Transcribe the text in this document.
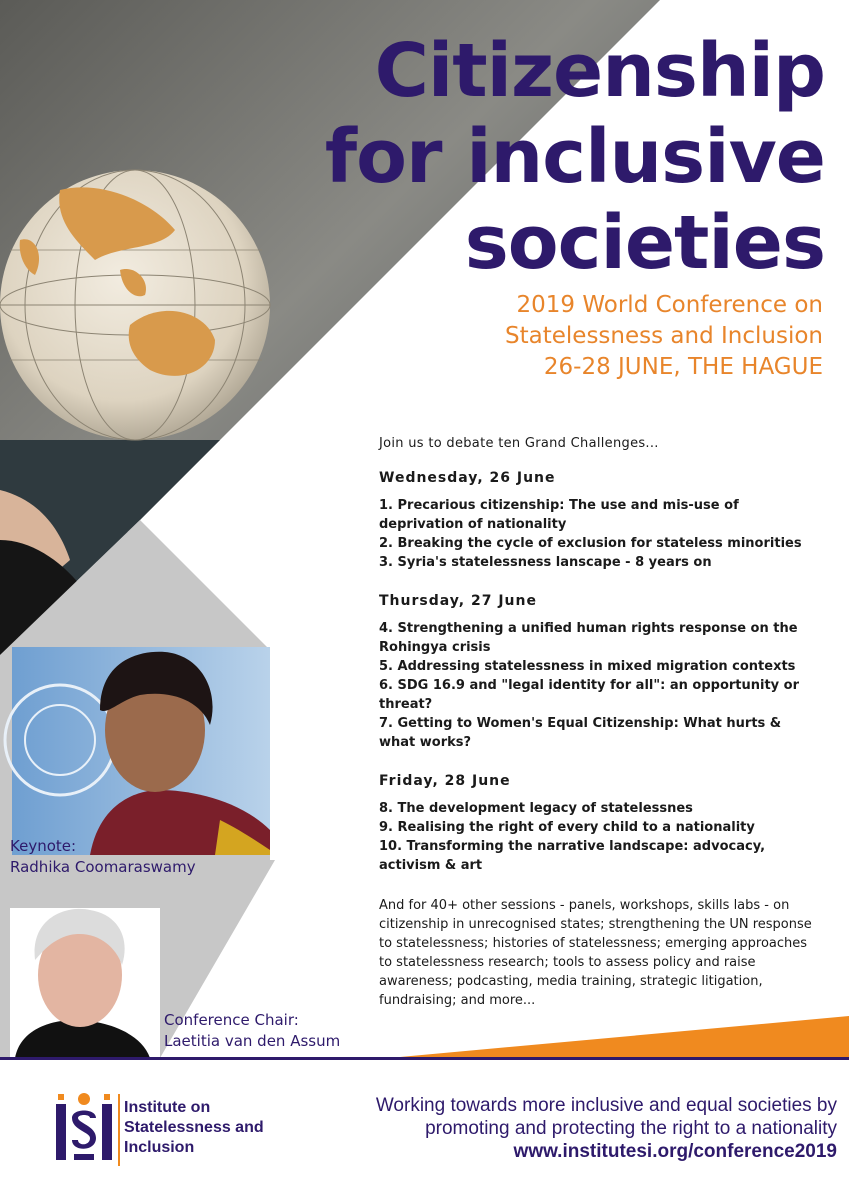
Citizenship
for inclusive
societies
2019 World Conference on
Statelessness and Inclusion
26-28 JUNE, THE HAGUE
Join us to debate ten Grand Challenges...
Wednesday, 26 June
1. Precarious citizenship: The use and mis-use of deprivation of nationality
2. Breaking the cycle of exclusion for stateless minorities
3. Syria's statelessness lanscape - 8 years on
Thursday, 27 June
4. Strengthening a unified human rights response on the Rohingya crisis
5. Addressing statelessness in mixed migration contexts
6. SDG 16.9 and "legal identity for all": an opportunity or threat?
7. Getting to Women's Equal Citizenship: What hurts & what works?
Friday, 28 June
8. The development legacy of statelessnes
9. Realising the right of every child to a nationality
10. Transforming the narrative landscape: advocacy, activism & art
And for 40+ other sessions - panels, workshops, skills labs - on citizenship in unrecognised states; strengthening the UN response to statelessness; histories of statelessness; emerging approaches to statelessness research; tools to assess policy and raise awareness; podcasting, media training, strategic litigation, fundraising; and more...
Keynote:
Radhika Coomaraswamy
Conference Chair:
Laetitia van den Assum
Institute on
Statelessness and
Inclusion
Working towards more inclusive and equal societies by
promoting and protecting the right to a nationality
www.institutesi.org/conference2019
